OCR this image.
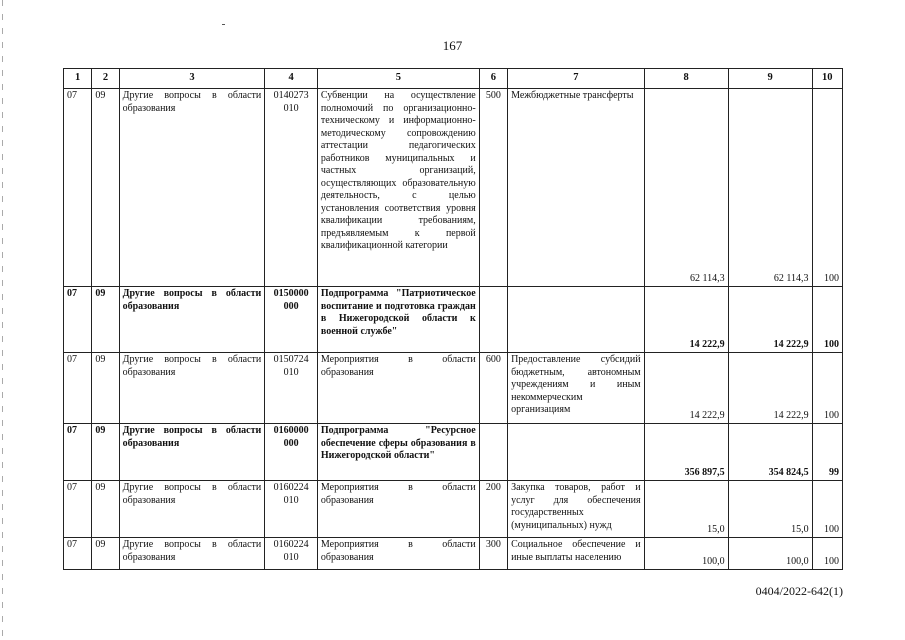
167
1	2	3	4	5	6	7	8	9	10
07	09	Другие вопросы в области образования	0140273 010	Субвенции на осуществление полномочий по организационно-техническому и информационно-методическому сопровождению аттестации педагогических работников муниципальных и частных организаций, осуществляющих образовательную деятельность, с целью установления соответствия уровня квалификации требованиям, предъявляемым к первой квалификационной категории	500	Межбюджетные трансферты	62 114,3	62 114,3	100
07	09	Другие вопросы в области образования	0150000 000	Подпрограмма "Патриотическое воспитание и подготовка граждан в Нижегородской области к военной службе"			14 222,9	14 222,9	100
07	09	Другие вопросы в области образования	0150724 010	Мероприятия в области образования	600	Предоставление субсидий бюджетным, автономным учреждениям и иным некоммерческим организациям	14 222,9	14 222,9	100
07	09	Другие вопросы в области образования	0160000 000	Подпрограмма "Ресурсное обеспечение сферы образования в Нижегородской области"			356 897,5	354 824,5	99
07	09	Другие вопросы в области образования	0160224 010	Мероприятия в области образования	200	Закупка товаров, работ и услуг для обеспечения государственных (муниципальных) нужд	15,0	15,0	100
07	09	Другие вопросы в области образования	0160224 010	Мероприятия в области образования	300	Социальное обеспечение и иные выплаты населению	100,0	100,0	100
0404/2022-642(1)
